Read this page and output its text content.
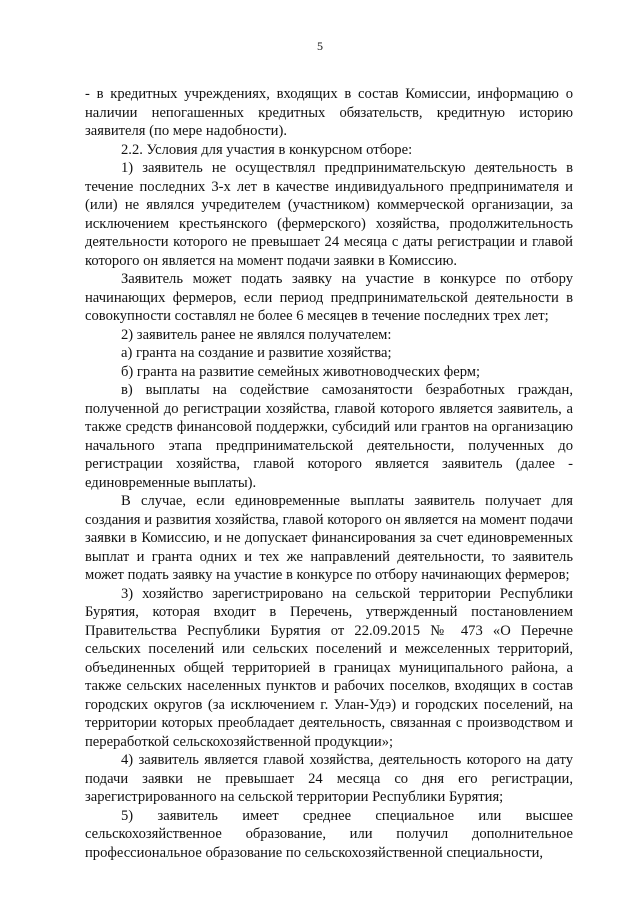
5

- в кредитных учреждениях, входящих в состав Комиссии, информацию о наличии непогашенных кредитных обязательств, кредитную историю заявителя (по мере надобности).

2.2. Условия для участия в конкурсном отборе:

1) заявитель не осуществлял предпринимательскую деятельность в течение последних 3-х лет в качестве индивидуального предпринимателя и (или) не являлся учредителем (участником) коммерческой организации, за исключением крестьянского (фермерского) хозяйства, продолжительность деятельности которого не превышает 24 месяца с даты регистрации и главой которого он является на момент подачи заявки в Комиссию.

Заявитель может подать заявку на участие в конкурсе по отбору начинающих фермеров, если период предпринимательской деятельности в совокупности составлял не более 6 месяцев в течение последних трех лет;

2) заявитель ранее не являлся получателем:

а) гранта на создание и развитие хозяйства;

б) гранта на развитие семейных животноводческих ферм;

в) выплаты на содействие самозанятости безработных граждан, полученной до регистрации хозяйства, главой которого является заявитель, а также средств финансовой поддержки, субсидий или грантов на организацию начального этапа предпринимательской деятельности, полученных до регистрации хозяйства, главой которого является заявитель (далее - единовременные выплаты).

В случае, если единовременные выплаты заявитель получает для создания и развития хозяйства, главой которого он является на момент подачи заявки в Комиссию, и не допускает финансирования за счет единовременных выплат и гранта одних и тех же направлений деятельности, то заявитель может подать заявку на участие в конкурсе по отбору начинающих фермеров;

3) хозяйство зарегистрировано на сельской территории Республики Бурятия, которая входит в Перечень, утвержденный постановлением Правительства Республики Бурятия от 22.09.2015 № 473 «О Перечне сельских поселений или сельских поселений и межселенных территорий, объединенных общей территорией в границах муниципального района, а также сельских населенных пунктов и рабочих поселков, входящих в состав городских округов (за исключением г. Улан-Удэ) и городских поселений, на территории которых преобладает деятельность, связанная с производством и переработкой сельскохозяйственной продукции»;

4) заявитель является главой хозяйства, деятельность которого на дату подачи заявки не превышает 24 месяца со дня его регистрации, зарегистрированного на сельской территории Республики Бурятия;

5) заявитель имеет среднее специальное или высшее сельскохозяйственное образование, или получил дополнительное профессиональное образование по сельскохозяйственной специальности,
